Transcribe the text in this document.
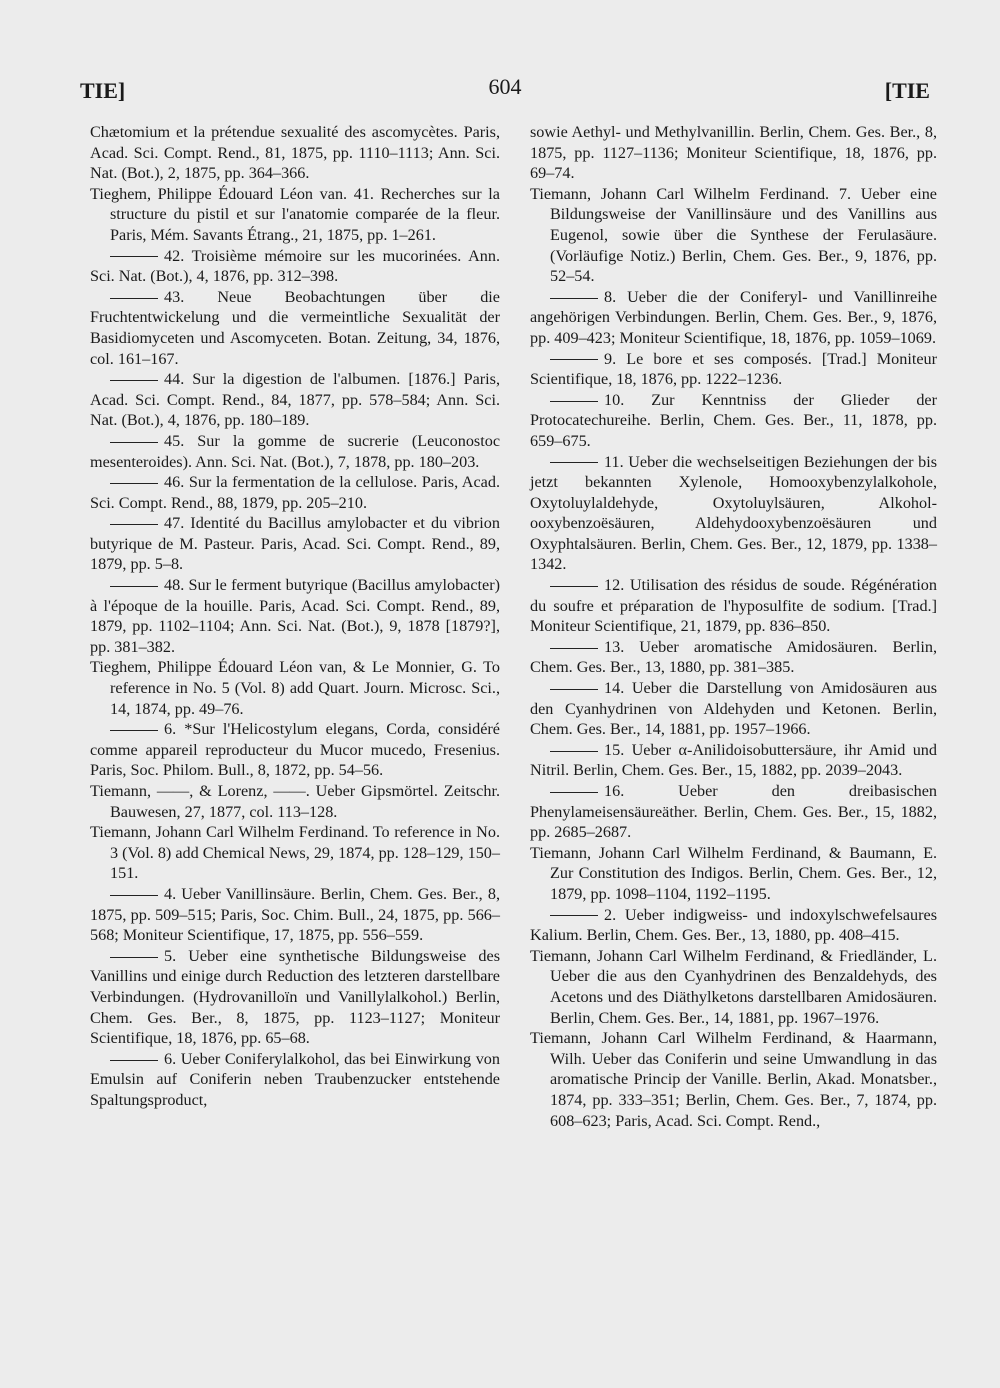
TIE]	604	[TIE

Chætomium et la prétendue sexualité des ascomycètes. Paris, Acad. Sci. Compt. Rend., 81, 1875, pp. 1110–1113; Ann. Sci. Nat. (Bot.), 2, 1875, pp. 364–366.

Tieghem, Philippe Édouard Léon van. 41. Recherches sur la structure du pistil et sur l'anatomie comparée de la fleur. Paris, Mém. Savants Étrang., 21, 1875, pp. 1–261.

42. Troisième mémoire sur les mucorinées. Ann. Sci. Nat. (Bot.), 4, 1876, pp. 312–398.

43. Neue Beobachtungen über die Fruchtentwickelung und die vermeintliche Sexualität der Basidiomyceten und Ascomyceten. Botan. Zeitung, 34, 1876, col. 161–167.

44. Sur la digestion de l'albumen. [1876.] Paris, Acad. Sci. Compt. Rend., 84, 1877, pp. 578–584; Ann. Sci. Nat. (Bot.), 4, 1876, pp. 180–189.

45. Sur la gomme de sucrerie (Leuconostoc mesenteroides). Ann. Sci. Nat. (Bot.), 7, 1878, pp. 180–203.

46. Sur la fermentation de la cellulose. Paris, Acad. Sci. Compt. Rend., 88, 1879, pp. 205–210.

47. Identité du Bacillus amylobacter et du vibrion butyrique de M. Pasteur. Paris, Acad. Sci. Compt. Rend., 89, 1879, pp. 5–8.

48. Sur le ferment butyrique (Bacillus amylobacter) à l'époque de la houille. Paris, Acad. Sci. Compt. Rend., 89, 1879, pp. 1102–1104; Ann. Sci. Nat. (Bot.), 9, 1878 [1879?], pp. 381–382.

Tieghem, Philippe Édouard Léon van, & Le Monnier, G. To reference in No. 5 (Vol. 8) add Quart. Journ. Microsc. Sci., 14, 1874, pp. 49–76.

6. *Sur l'Helicostylum elegans, Corda, considéré comme appareil reproducteur du Mucor mucedo, Fresenius. Paris, Soc. Philom. Bull., 8, 1872, pp. 54–56.

Tiemann, ——, & Lorenz, ——. Ueber Gipsmörtel. Zeitschr. Bauwesen, 27, 1877, col. 113–128.

Tiemann, Johann Carl Wilhelm Ferdinand. To reference in No. 3 (Vol. 8) add Chemical News, 29, 1874, pp. 128–129, 150–151.

4. Ueber Vanillinsäure. Berlin, Chem. Ges. Ber., 8, 1875, pp. 509–515; Paris, Soc. Chim. Bull., 24, 1875, pp. 566–568; Moniteur Scientifique, 17, 1875, pp. 556–559.

5. Ueber eine synthetische Bildungsweise des Vanillins und einige durch Reduction des letzteren darstellbare Verbindungen. (Hydrovanilloïn und Vanillylalkohol.) Berlin, Chem. Ges. Ber., 8, 1875, pp. 1123–1127; Moniteur Scientifique, 18, 1876, pp. 65–68.

6. Ueber Coniferylalkohol, das bei Einwirkung von Emulsin auf Coniferin neben Traubenzucker entstehende Spaltungsproduct,

sowie Aethyl- und Methylvanillin. Berlin, Chem. Ges. Ber., 8, 1875, pp. 1127–1136; Moniteur Scientifique, 18, 1876, pp. 69–74.

Tiemann, Johann Carl Wilhelm Ferdinand. 7. Ueber eine Bildungsweise der Vanillinsäure und des Vanillins aus Eugenol, sowie über die Synthese der Ferulasäure. (Vorläufige Notiz.) Berlin, Chem. Ges. Ber., 9, 1876, pp. 52–54.

8. Ueber die der Coniferyl- und Vanillinreihe angehörigen Verbindungen. Berlin, Chem. Ges. Ber., 9, 1876, pp. 409–423; Moniteur Scientifique, 18, 1876, pp. 1059–1069.

9. Le bore et ses composés. [Trad.] Moniteur Scientifique, 18, 1876, pp. 1222–1236.

10. Zur Kenntniss der Glieder der Protocatechureihe. Berlin, Chem. Ges. Ber., 11, 1878, pp. 659–675.

11. Ueber die wechselseitigen Beziehungen der bis jetzt bekannten Xylenole, Homooxybenzylalkohole, Oxytoluylaldehyde, Oxytoluylsäuren, Alkoholooxybenzoësäuren, Aldehydooxybenzoësäuren und Oxyphtalsäuren. Berlin, Chem. Ges. Ber., 12, 1879, pp. 1338–1342.

12. Utilisation des résidus de soude. Régénération du soufre et préparation de l'hyposulfite de sodium. [Trad.] Moniteur Scientifique, 21, 1879, pp. 836–850.

13. Ueber aromatische Amidosäuren. Berlin, Chem. Ges. Ber., 13, 1880, pp. 381–385.

14. Ueber die Darstellung von Amidosäuren aus den Cyanhydrinen von Aldehyden und Ketonen. Berlin, Chem. Ges. Ber., 14, 1881, pp. 1957–1966.

15. Ueber α-Anilidoisobuttersäure, ihr Amid und Nitril. Berlin, Chem. Ges. Ber., 15, 1882, pp. 2039–2043.

16. Ueber den dreibasischen Phenylameisensäureäther. Berlin, Chem. Ges. Ber., 15, 1882, pp. 2685–2687.

Tiemann, Johann Carl Wilhelm Ferdinand, & Baumann, E. Zur Constitution des Indigos. Berlin, Chem. Ges. Ber., 12, 1879, pp. 1098–1104, 1192–1195.

2. Ueber indigweiss- und indoxylschwefelsaures Kalium. Berlin, Chem. Ges. Ber., 13, 1880, pp. 408–415.

Tiemann, Johann Carl Wilhelm Ferdinand, & Friedländer, L. Ueber die aus den Cyanhydrinen des Benzaldehyds, des Acetons und des Diäthylketons darstellbaren Amidosäuren. Berlin, Chem. Ges. Ber., 14, 1881, pp. 1967–1976.

Tiemann, Johann Carl Wilhelm Ferdinand, & Haarmann, Wilh. Ueber das Coniferin und seine Umwandlung in das aromatische Princip der Vanille. Berlin, Akad. Monatsber., 1874, pp. 333–351; Berlin, Chem. Ges. Ber., 7, 1874, pp. 608–623; Paris, Acad. Sci. Compt. Rend.,
